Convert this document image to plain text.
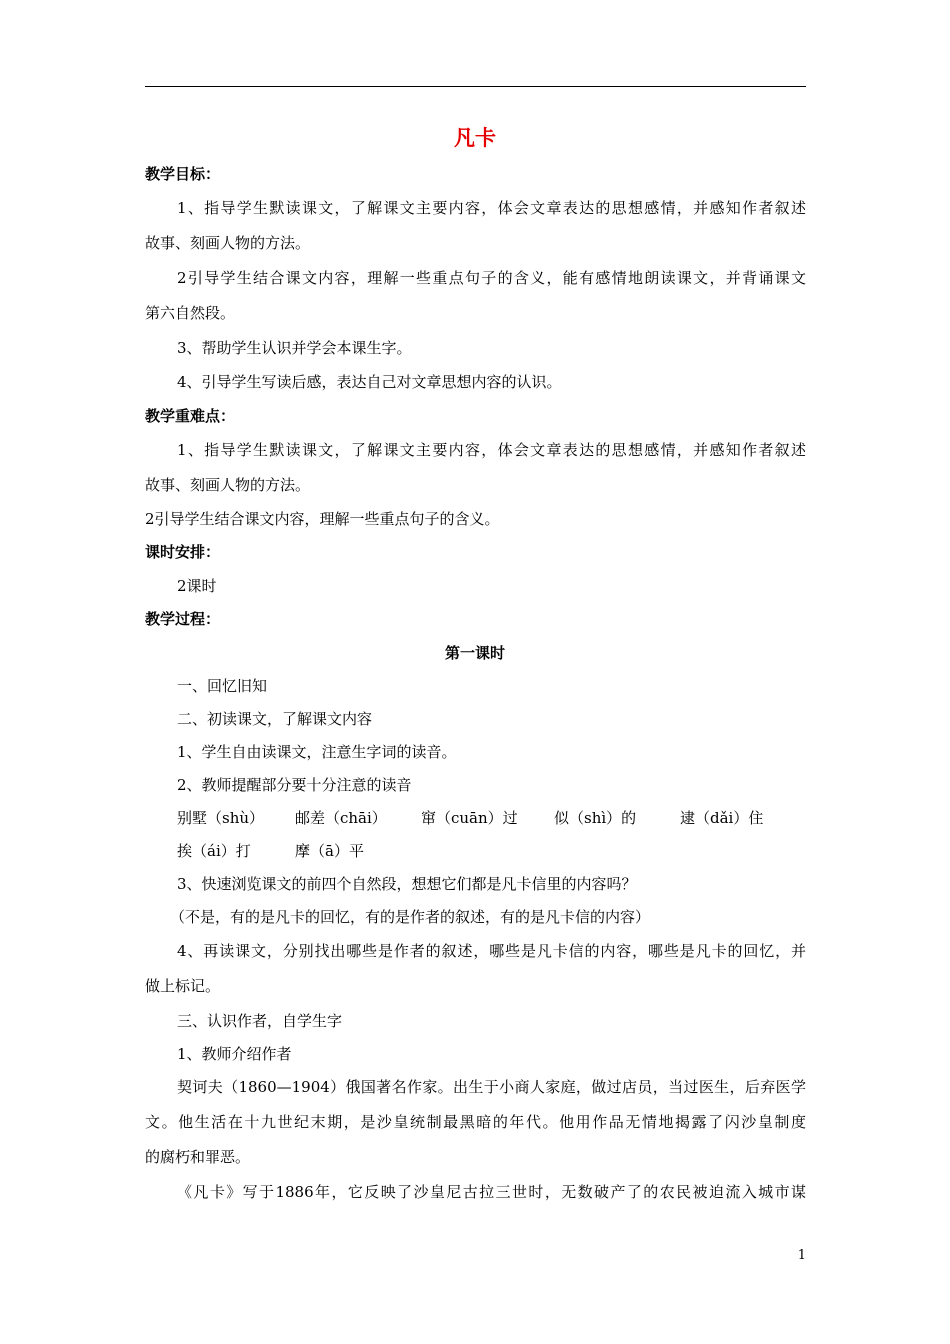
凡卡
教学目标：
1、指导学生默读课文，了解课文主要内容，体会文章表达的思想感情，并感知作者叙述
故事、刻画人物的方法。
2引导学生结合课文内容，理解一些重点句子的含义，能有感情地朗读课文，并背诵课文
第六自然段。
3、帮助学生认识并学会本课生字。
4、引导学生写读后感，表达自己对文章思想内容的认识。
教学重难点：
1、指导学生默读课文，了解课文主要内容，体会文章表达的思想感情，并感知作者叙述
故事、刻画人物的方法。
2引导学生结合课文内容，理解一些重点句子的含义。
课时安排：
2课时
教学过程：
第一课时
一、回忆旧知
二、初读课文，了解课文内容
1、学生自由读课文，注意生字词的读音。
2、教师提醒部分要十分注意的读音
别墅（shù） 邮差（chāi） 窜（cuān）过 似（shì）的	逮（dǎi）住
挨（ái）打	摩（ā）平
3、快速浏览课文的前四个自然段，想想它们都是凡卡信里的内容吗？
（不是，有的是凡卡的回忆，有的是作者的叙述，有的是凡卡信的内容）
4、再读课文，分别找出哪些是作者的叙述，哪些是凡卡信的内容，哪些是凡卡的回忆，并
做上标记。
三、认识作者，自学生字
1、教师介绍作者
契诃夫（1860—1904）俄国著名作家。出生于小商人家庭，做过店员，当过医生，后弃医学
文。他生活在十九世纪末期，是沙皇统制最黑暗的年代。他用作品无情地揭露了闪沙皇制度
的腐朽和罪恶。
《凡卡》写于1886年，它反映了沙皇尼古拉三世时，无数破产了的农民被迫流入城市谋
1
